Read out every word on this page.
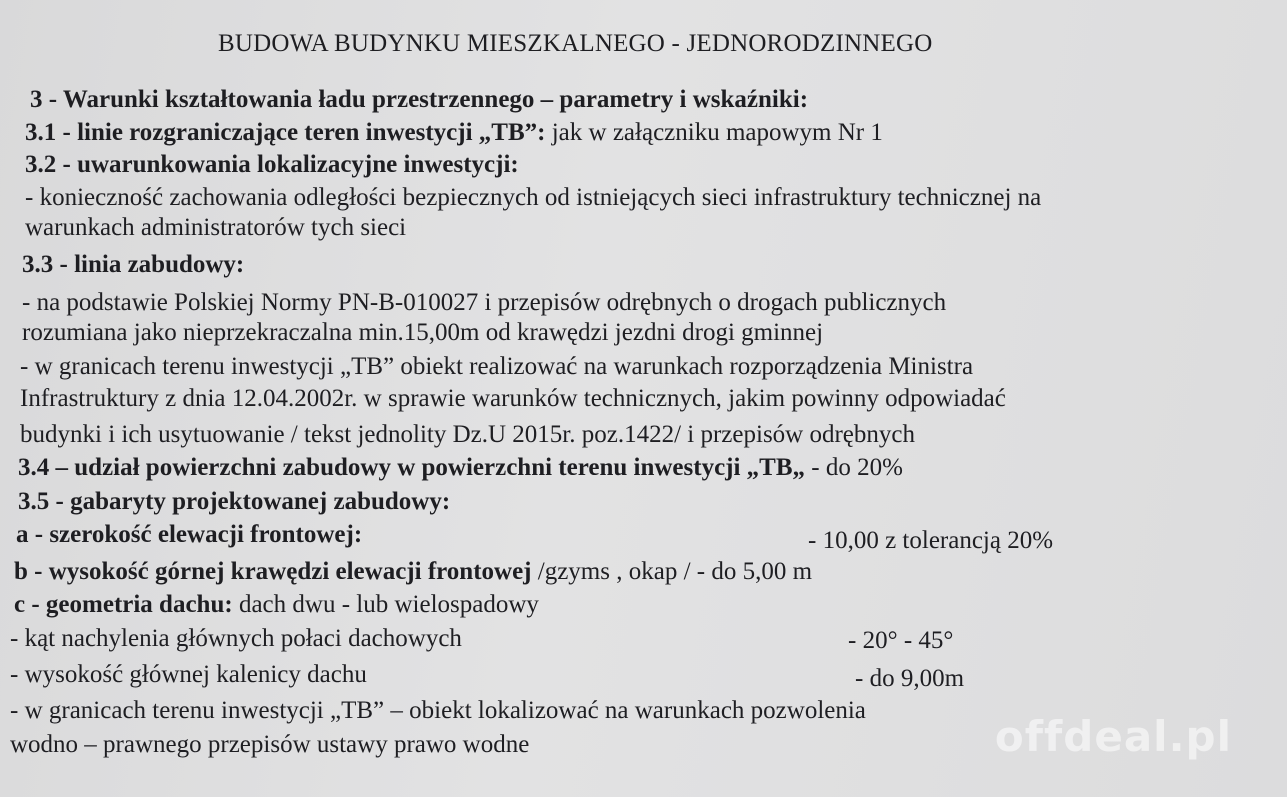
BUDOWA BUDYNKU MIESZKALNEGO - JEDNORODZINNEGO
3 - Warunki kształtowania ładu przestrzennego – parametry i wskaźniki:
3.1 - linie rozgraniczające teren inwestycji „TB”: jak w załączniku mapowym Nr 1
3.2 - uwarunkowania lokalizacyjne inwestycji:
- konieczność zachowania odległości bezpiecznych od istniejących sieci infrastruktury technicznej na
warunkach administratorów tych sieci
3.3 - linia zabudowy:
- na podstawie Polskiej Normy PN-B-010027 i przepisów odrębnych o drogach publicznych
rozumiana jako nieprzekraczalna min.15,00m od krawędzi jezdni drogi gminnej
- w granicach terenu inwestycji „TB” obiekt realizować na warunkach rozporządzenia Ministra
Infrastruktury z dnia 12.04.2002r. w sprawie warunków technicznych, jakim powinny odpowiadać
budynki i ich usytuowanie / tekst jednolity Dz.U 2015r. poz.1422/ i przepisów odrębnych
3.4 – udział powierzchni zabudowy w powierzchni terenu inwestycji „TB„ - do 20%
3.5 - gabaryty projektowanej zabudowy:
a - szerokość elewacji frontowej:	- 10,00 z tolerancją 20%
b - wysokość górnej krawędzi elewacji frontowej /gzyms , okap / - do 5,00 m
c - geometria dachu: dach dwu - lub wielospadowy
- kąt nachylenia głównych połaci dachowych	- 20° - 45°
- wysokość głównej kalenicy dachu	- do 9,00m
- w granicach terenu inwestycji „TB” – obiekt lokalizować na warunkach pozwolenia
wodno – prawnego przepisów ustawy prawo wodne	offdeal.pl
